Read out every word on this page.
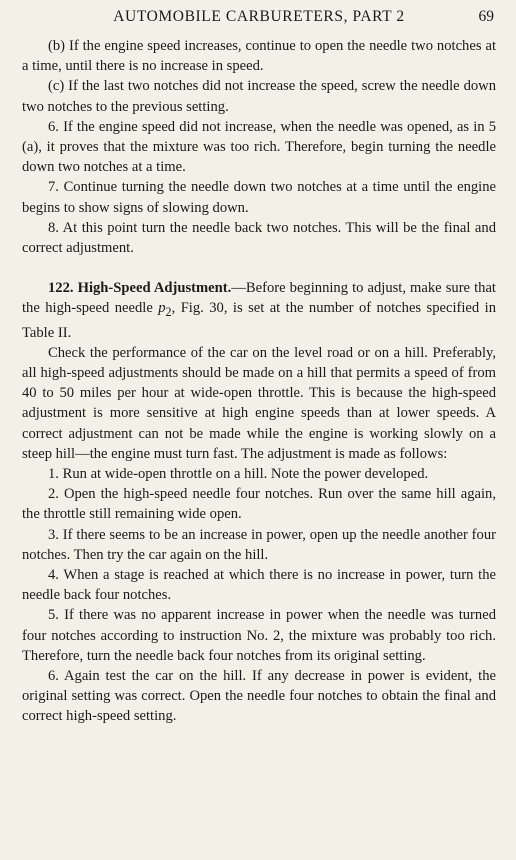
AUTOMOBILE CARBURETERS, PART 2	69

(b) If the engine speed increases, continue to open the needle two notches at a time, until there is no increase in speed.

(c) If the last two notches did not increase the speed, screw the needle down two notches to the previous setting.

6. If the engine speed did not increase, when the needle was opened, as in 5 (a), it proves that the mixture was too rich. Therefore, begin turning the needle down two notches at a time.

7. Continue turning the needle down two notches at a time until the engine begins to show signs of slowing down.

8. At this point turn the needle back two notches. This will be the final and correct adjustment.

122. High-Speed Adjustment.—Before beginning to adjust, make sure that the high-speed needle $p_2$, Fig. 30, is set at the number of notches specified in Table II.

Check the performance of the car on the level road or on a hill. Preferably, all high-speed adjustments should be made on a hill that permits a speed of from 40 to 50 miles per hour at wide-open throttle. This is because the high-speed adjustment is more sensitive at high engine speeds than at lower speeds. A correct adjustment can not be made while the engine is working slowly on a steep hill—the engine must turn fast. The adjustment is made as follows:

1. Run at wide-open throttle on a hill. Note the power developed.

2. Open the high-speed needle four notches. Run over the same hill again, the throttle still remaining wide open.

3. If there seems to be an increase in power, open up the needle another four notches. Then try the car again on the hill.

4. When a stage is reached at which there is no increase in power, turn the needle back four notches.

5. If there was no apparent increase in power when the needle was turned four notches according to instruction No. 2, the mixture was probably too rich. Therefore, turn the needle back four notches from its original setting.

6. Again test the car on the hill. If any decrease in power is evident, the original setting was correct. Open the needle four notches to obtain the final and correct high-speed setting.
